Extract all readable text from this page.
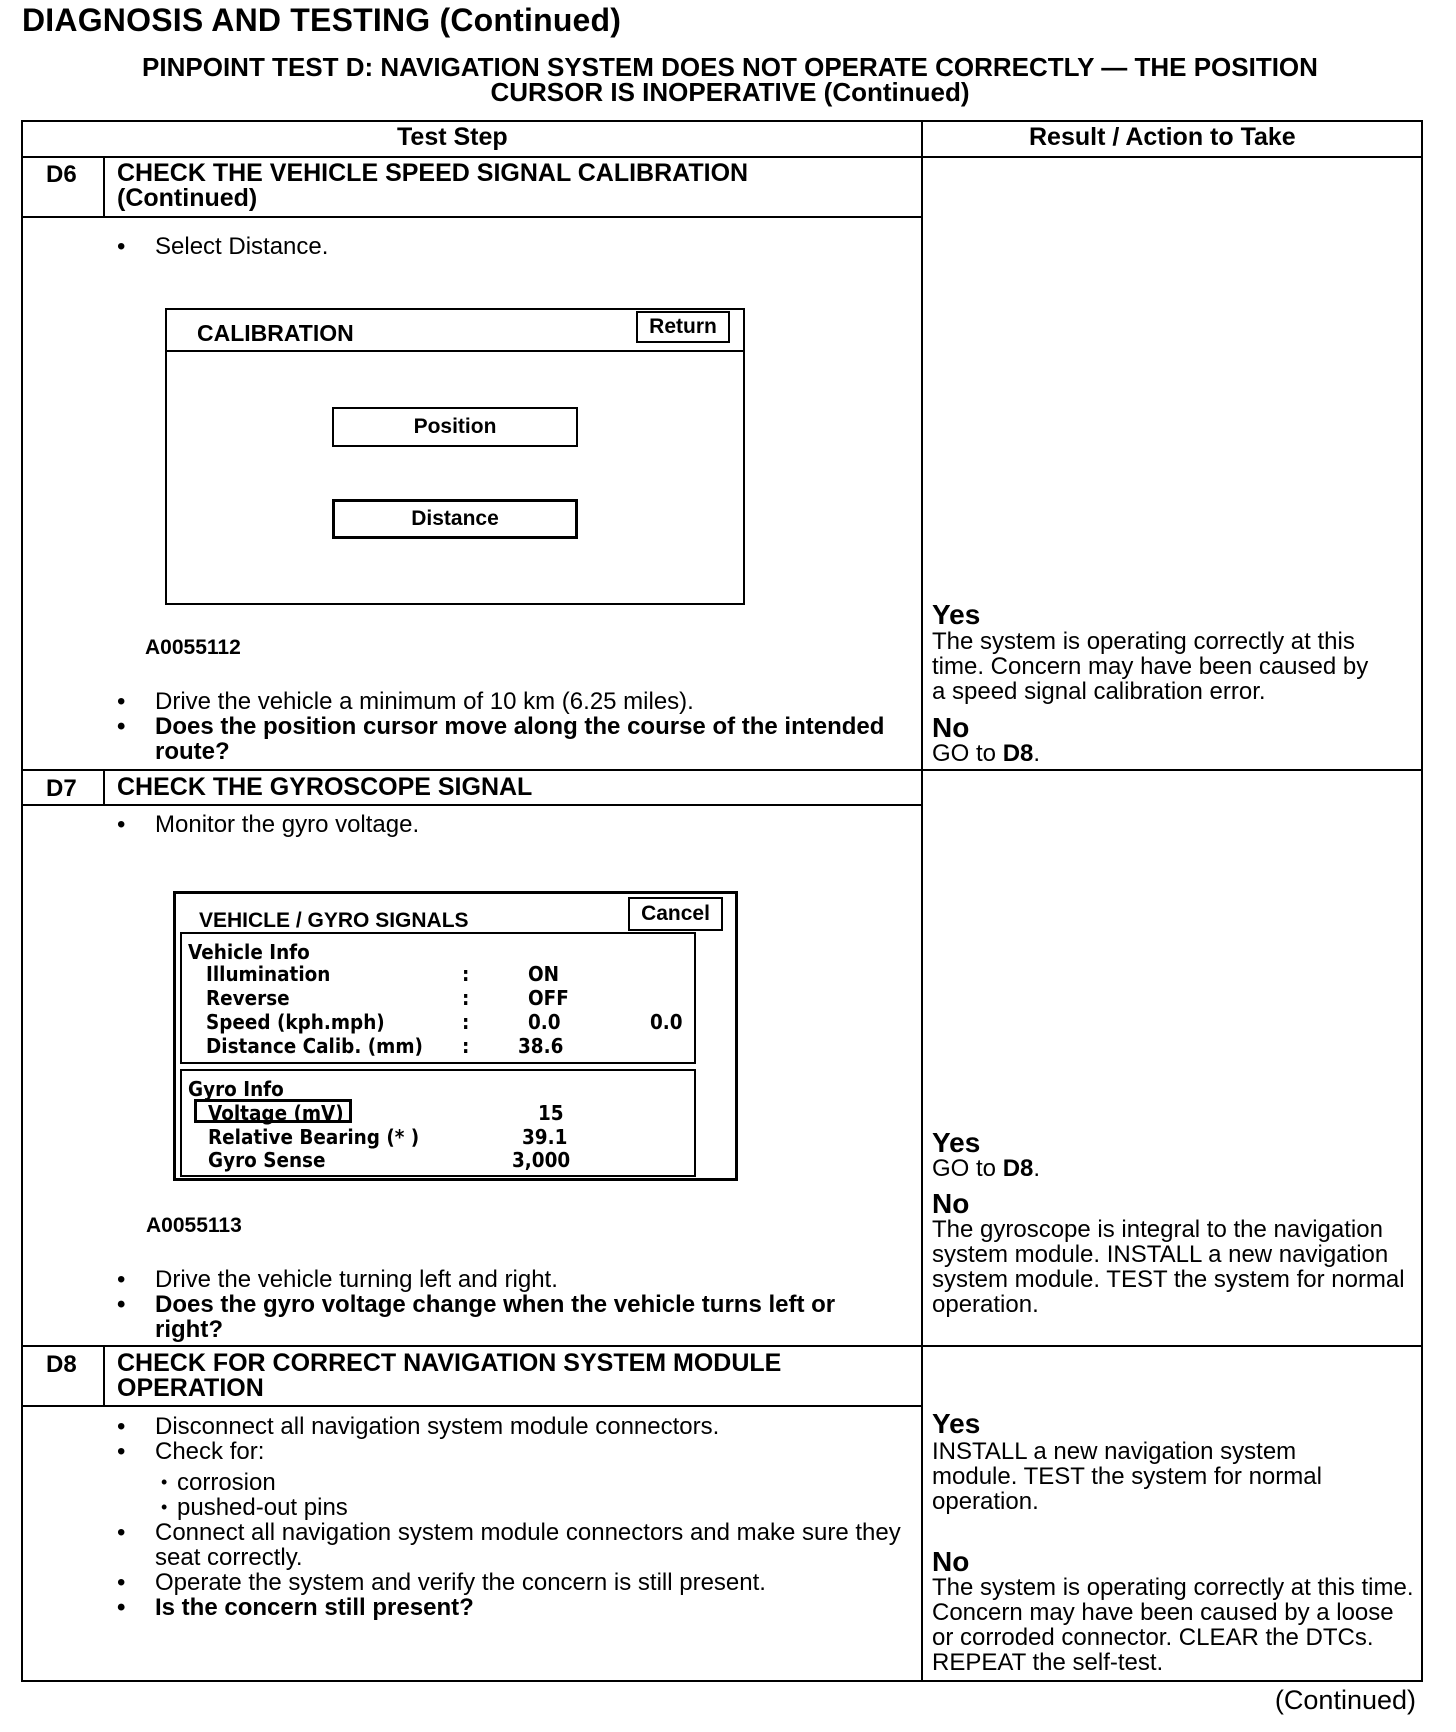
DIAGNOSIS AND TESTING (Continued)
PINPOINT TEST D: NAVIGATION SYSTEM DOES NOT OPERATE CORRECTLY — THE POSITION
CURSOR IS INOPERATIVE (Continued)
Test Step	Result / Action to Take
D6 CHECK THE VEHICLE SPEED SIGNAL CALIBRATION
(Continued)
• Select Distance.
CALIBRATION	Return
Position
Distance
A0055112
• Drive the vehicle a minimum of 10 km (6.25 miles).
• Does the position cursor move along the course of the intended route?
Yes
The system is operating correctly at this time. Concern may have been caused by a speed signal calibration error.
No
GO to D8.
D7 CHECK THE GYROSCOPE SIGNAL
• Monitor the gyro voltage.
VEHICLE / GYRO SIGNALS	Cancel
Vehicle Info
Illumination	:	ON
Reverse	:	OFF
Speed (kph.mph)	:	0.0	0.0
Distance Calib. (mm) : 38.6
Gyro Info
Voltage (mV)	15
Relative Bearing (* )	39.1
Gyro Sense	3,000
A0055113
• Drive the vehicle turning left and right.
• Does the gyro voltage change when the vehicle turns left or right?
Yes
GO to D8.
No
The gyroscope is integral to the navigation system module. INSTALL a new navigation system module. TEST the system for normal operation.
D8 CHECK FOR CORRECT NAVIGATION SYSTEM MODULE
OPERATION
• Disconnect all navigation system module connectors.
• Check for:
• corrosion
• pushed-out pins
• Connect all navigation system module connectors and make sure they seat correctly.
• Operate the system and verify the concern is still present.
• Is the concern still present?
Yes
INSTALL a new navigation system module. TEST the system for normal operation.
No
The system is operating correctly at this time. Concern may have been caused by a loose or corroded connector. CLEAR the DTCs. REPEAT the self-test.
(Continued)
